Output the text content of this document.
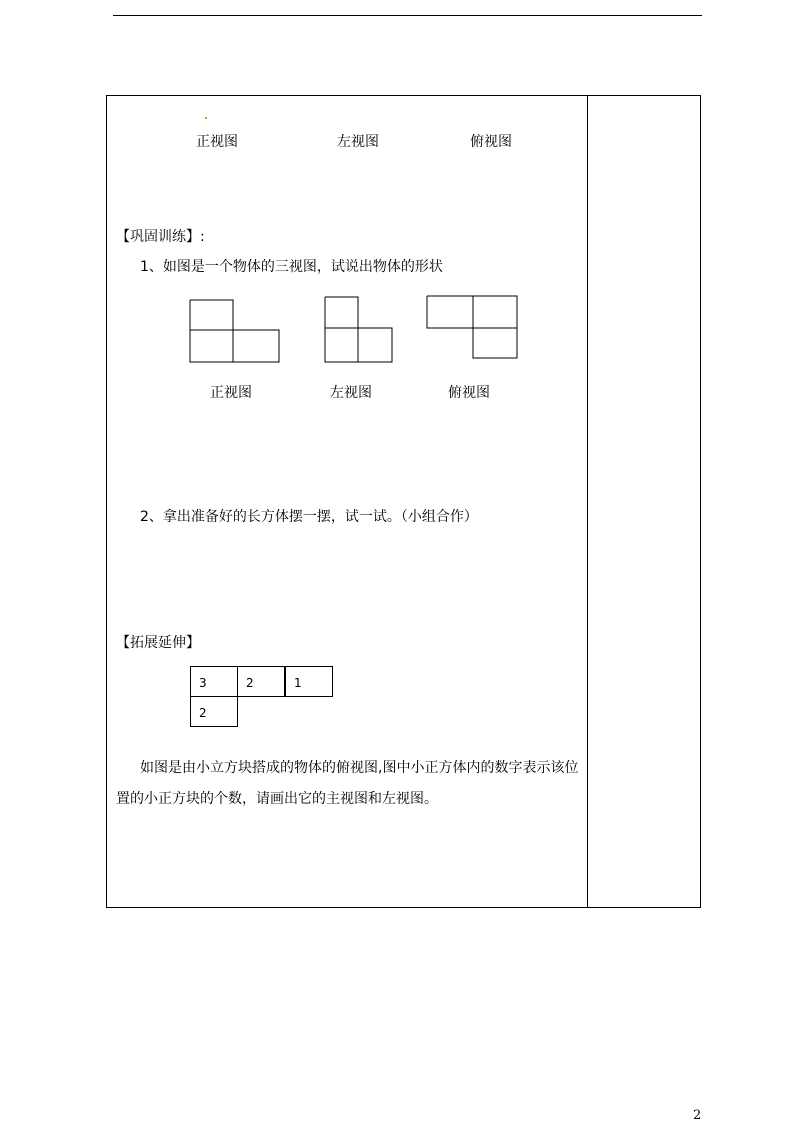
正视图	左视图	俯视图
【巩固训练】:
1、如图是一个物体的三视图，试说出物体的形状
正视图	左视图	俯视图
2、拿出准备好的长方体摆一摆，试一试。（小组合作）
【拓展延伸】
3	2	1
2
如图是由小立方块搭成的物体的俯视图,图中小正方体内的数字表示该位
置的小正方块的个数，请画出它的主视图和左视图。
2
